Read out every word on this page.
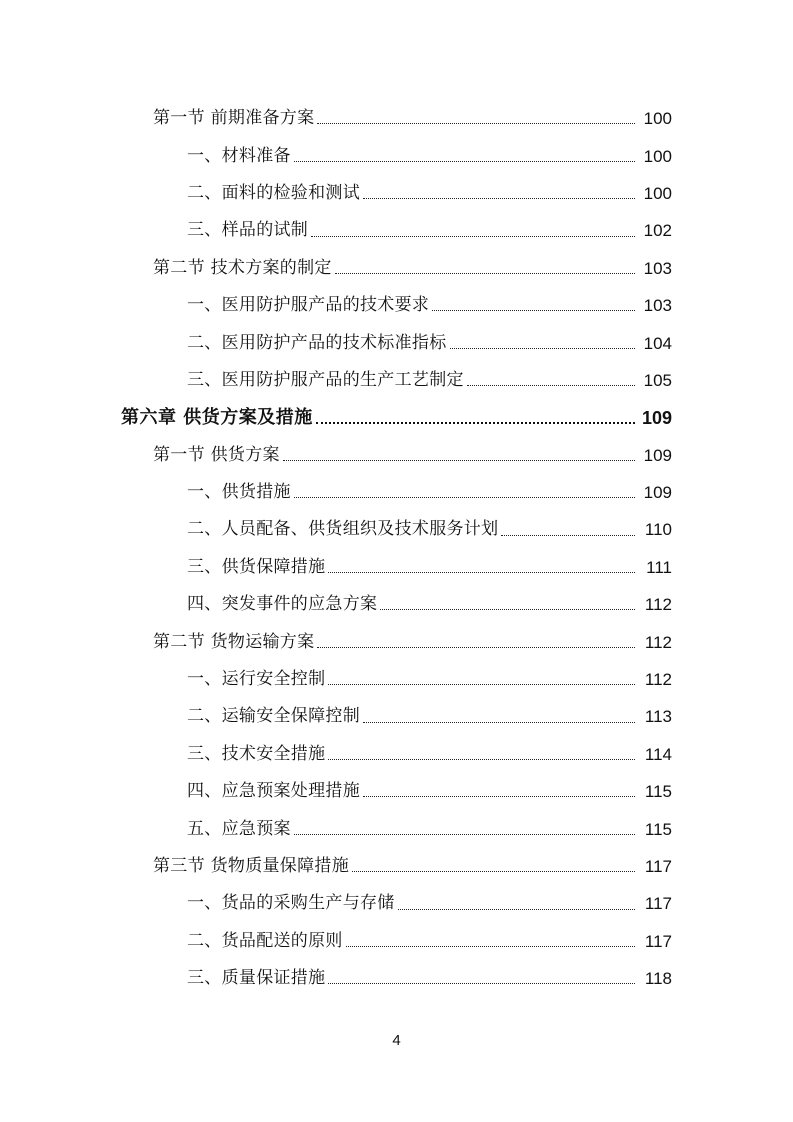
第一节 前期准备方案	100
一、材料准备	100
二、面料的检验和测试	100
三、样品的试制	102
第二节 技术方案的制定	103
一、医用防护服产品的技术要求	103
二、医用防护产品的技术标准指标	104
三、医用防护服产品的生产工艺制定	105
第六章 供货方案及措施	109
第一节 供货方案	109
一、供货措施	109
二、人员配备、供货组织及技术服务计划	110
三、供货保障措施	111
四、突发事件的应急方案	112
第二节 货物运输方案	112
一、运行安全控制	112
二、运输安全保障控制	113
三、技术安全措施	114
四、应急预案处理措施	115
五、应急预案	115
第三节 货物质量保障措施	117
一、货品的采购生产与存储	117
二、货品配送的原则	117
三、质量保证措施	118
4
